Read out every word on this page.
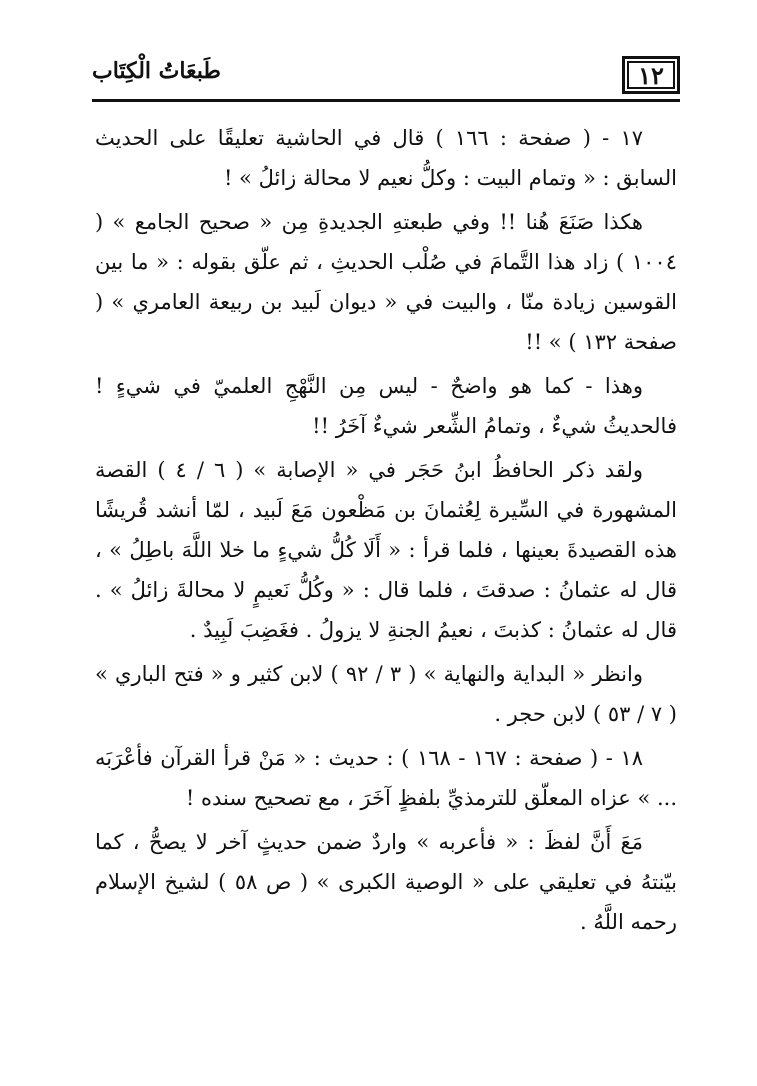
١٢
طَبعَاتُ الْكِتَاب

١٧ - ( صفحة : ١٦٦ ) قال في الحاشية تعليقًا على الحديث السابق : « وتمام البيت : وكلُّ نعيم لا محالة زائلُ » !

هكذا صَنَعَ هُنا !! وفي طبعتهِ الجديدةِ مِن « صحيح الجامع » ( ١٠٠٤ ) زاد هذا التَّمامَ في صُلْب الحديثِ ، ثم علّق بقوله : « ما بين القوسين زيادة منّا ، والبيت في « ديوان لَبيد بن ربيعة العامري » ( صفحة ١٣٢ ) » !!

وهذا - كما هو واضحٌ - ليس مِن النَّهْجِ العلميّ في شيءٍ ! فالحديثُ شيءٌ ، وتمامُ الشِّعر شيءٌ آخَرُ !!

ولقد ذكر الحافظُ ابنُ حَجَر في « الإصابة » ( ٦ / ٤ ) القصة المشهورة في السِّيرة لِعُثمانَ بن مَظْعون مَعَ لَبيد ، لمّا أنشد قُريشًا هذه القصيدةَ بعينها ، فلما قرأ : « أَلَا كُلُّ شيءٍ ما خلا اللَّهَ باطِلُ » ، قال له عثمانُ : صدقتَ ، فلما قال : « وكُلُّ نَعيمٍ لا محالةَ زائلُ » . قال له عثمانُ : كذبتَ ، نعيمُ الجنةِ لا يزولُ . فغَضِبَ لَبِيدٌ .

وانظر « البداية والنهاية » ( ٣ / ٩٢ ) لابن كثير و « فتح الباري » ( ٧ / ٥٣ ) لابن حجر .

١٨ - ( صفحة : ١٦٧ - ١٦٨ ) : حديث : « مَنْ قرأ القرآن فأعْرَبَه ... » عزاه المعلّق للترمذيِّ بلفظٍ آخَرَ ، مع تصحيح سنده !

مَعَ أَنَّ لفظَ : « فأعربه » واردٌ ضمن حديثٍ آخر لا يصحُّ ، كما بيّنتهُ في تعليقي على « الوصية الكبرى » ( ص ٥٨ ) لشيخ الإسلام رحمه اللَّهُ .
